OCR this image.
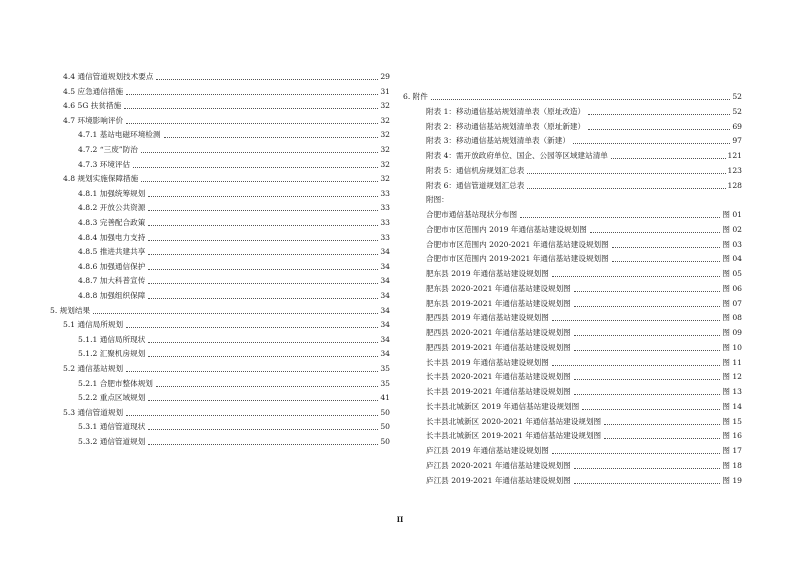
4.4 通信管道规划技术要点	29
4.5 应急通信措施	31
4.6 5G 扶贫措施	32
4.7 环境影响评价	32
4.7.1 基站电磁环境检测	32
4.7.2 “三废”防治	32
4.7.3 环境评估	32
4.8 规划实施保障措施	32
4.8.1 加强统筹规划	33
4.8.2 开放公共资源	33
4.8.3 完善配合政策	33
4.8.4 加强电力支持	33
4.8.5 推进共建共享	34
4.8.6 加强通信保护	34
4.8.7 加大科普宣传	34
4.8.8 加强组织保障	34
5. 规划结果	34
5.1 通信局所规划	34
5.1.1 通信局所现状	34
5.1.2 汇聚机房规划	34
5.2 通信基站规划	35
5.2.1 合肥市整体规划	35
5.2.2 重点区域规划	41
5.3 通信管道规划	50
5.3.1 通信管道现状	50
5.3.2 通信管道规划	50
6. 附件	52
附表 1：移动通信基站规划清单表（原址改造）	52
附表 2：移动通信基站规划清单表（原址新建）	69
附表 3：移动通信基站规划清单表（新建）	97
附表 4：需开放政府单位、国企、公园等区域建站清单	121
附表 5：通信机房规划汇总表	123
附表 6：通信管道规划汇总表	128
附图：
合肥市通信基站现状分布图	图 01
合肥市市区范围内 2019 年通信基站建设规划图	图 02
合肥市市区范围内 2020-2021 年通信基站建设规划图	图 03
合肥市市区范围内 2019-2021 年通信基站建设规划图	图 04
肥东县 2019 年通信基站建设规划图	图 05
肥东县 2020-2021 年通信基站建设规划图	图 06
肥东县 2019-2021 年通信基站建设规划图	图 07
肥西县 2019 年通信基站建设规划图	图 08
肥西县 2020-2021 年通信基站建设规划图	图 09
肥西县 2019-2021 年通信基站建设规划图	图 10
长丰县 2019 年通信基站建设规划图	图 11
长丰县 2020-2021 年通信基站建设规划图	图 12
长丰县 2019-2021 年通信基站建设规划图	图 13
长丰县北城新区 2019 年通信基站建设规划图	图 14
长丰县北城新区 2020-2021 年通信基站建设规划图	图 15
长丰县北城新区 2019-2021 年通信基站建设规划图	图 16
庐江县 2019 年通信基站建设规划图	图 17
庐江县 2020-2021 年通信基站建设规划图	图 18
庐江县 2019-2021 年通信基站建设规划图	图 19
II
